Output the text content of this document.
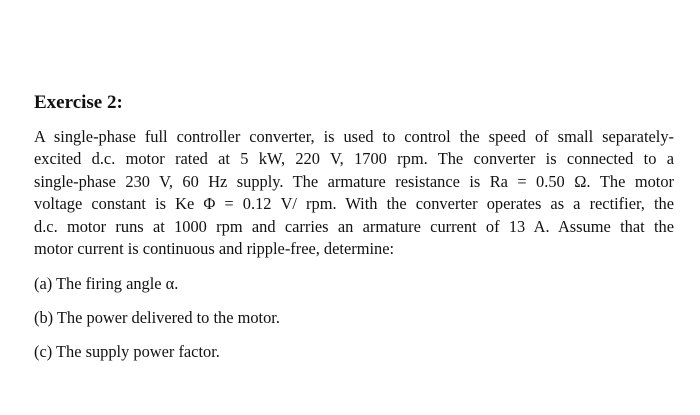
Exercise 2:
A single-phase full controller converter, is used to control the speed of small separately-
excited d.c. motor rated at 5 kW, 220 V, 1700 rpm. The converter is connected to a
single-phase 230 V, 60 Hz supply. The armature resistance is Ra = 0.50 Ω. The motor
voltage constant is Ke Φ = 0.12 V/ rpm. With the converter operates as a rectifier, the
d.c. motor runs at 1000 rpm and carries an armature current of 13 A. Assume that the
motor current is continuous and ripple-free, determine:
(a) The firing angle α.
(b) The power delivered to the motor.
(c) The supply power factor.
